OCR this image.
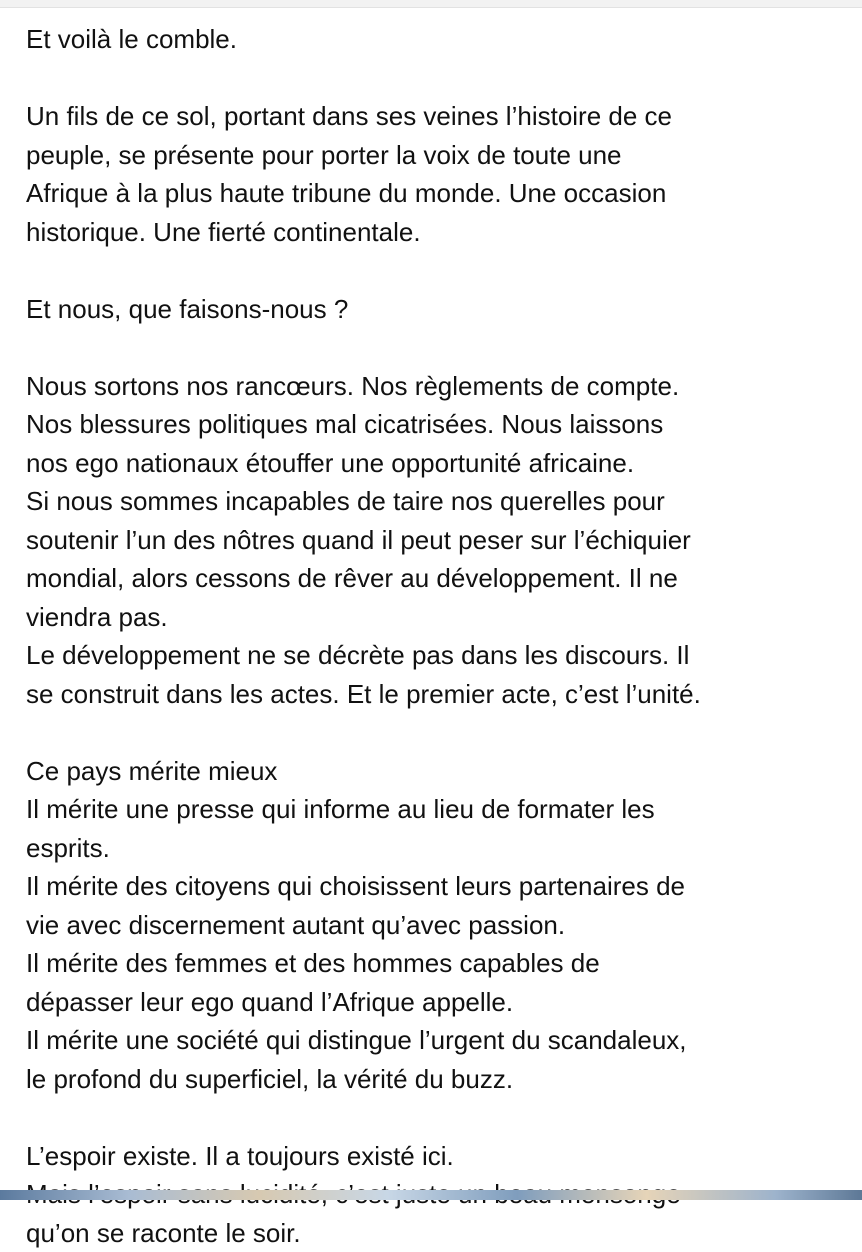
Et voilà le comble.
Un fils de ce sol, portant dans ses veines l’histoire de ce
peuple, se présente pour porter la voix de toute une
Afrique à la plus haute tribune du monde. Une occasion
historique. Une fierté continentale.
Et nous, que faisons-nous ?
Nous sortons nos rancœurs. Nos règlements de compte.
Nos blessures politiques mal cicatrisées. Nous laissons
nos ego nationaux étouffer une opportunité africaine.
Si nous sommes incapables de taire nos querelles pour
soutenir l’un des nôtres quand il peut peser sur l’échiquier
mondial, alors cessons de rêver au développement. Il ne
viendra pas.
Le développement ne se décrète pas dans les discours. Il
se construit dans les actes. Et le premier acte, c’est l’unité.
Ce pays mérite mieux
Il mérite une presse qui informe au lieu de formater les
esprits.
Il mérite des citoyens qui choisissent leurs partenaires de
vie avec discernement autant qu’avec passion.
Il mérite des femmes et des hommes capables de
dépasser leur ego quand l’Afrique appelle.
Il mérite une société qui distingue l’urgent du scandaleux,
le profond du superficiel, la vérité du buzz.
L’espoir existe. Il a toujours existé ici.
qu’on se raconte le soir.
